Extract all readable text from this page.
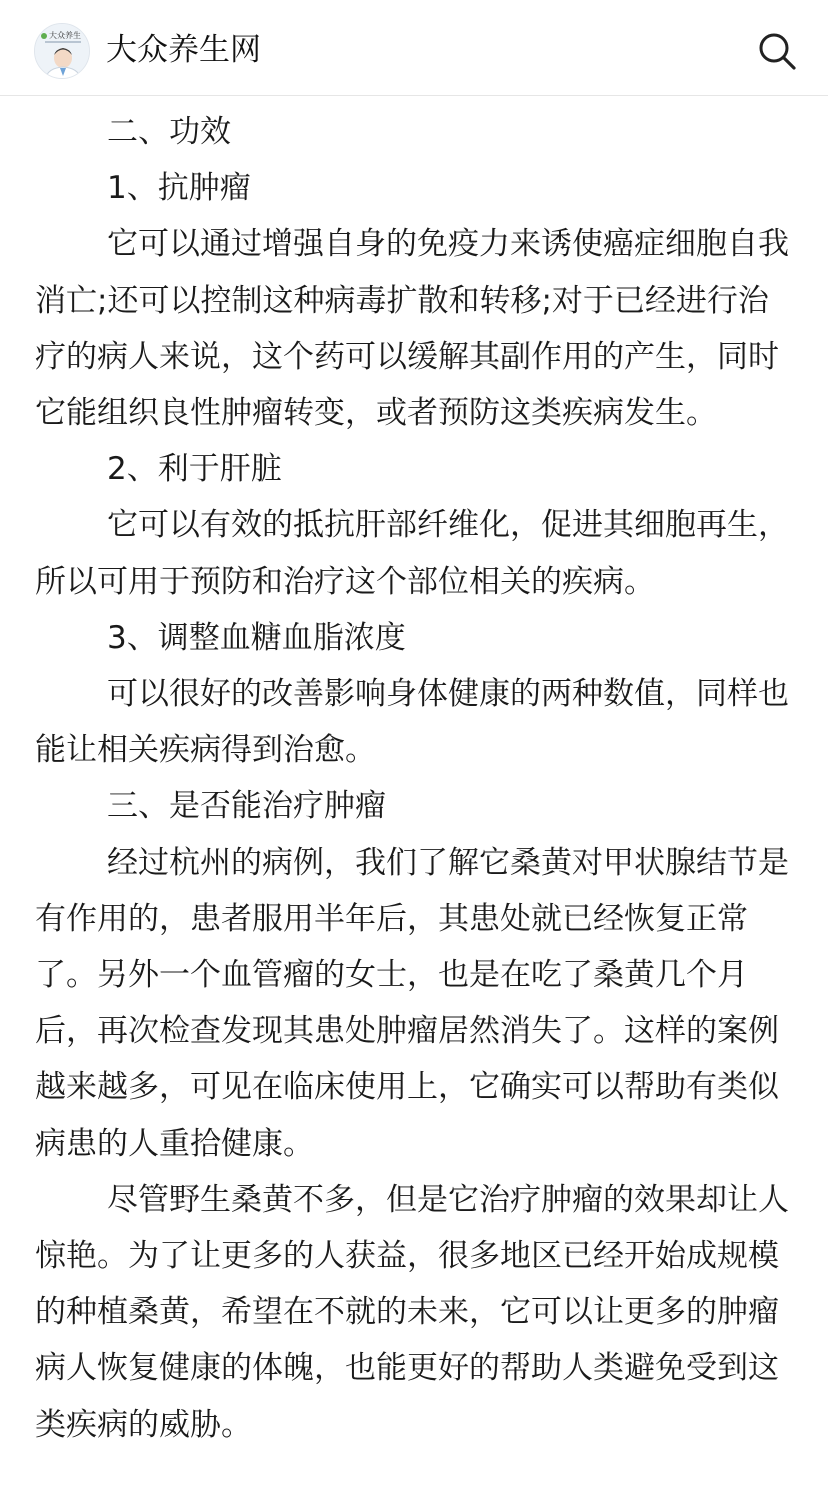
大众养生 大众养生网

二、功效

1、抗肿瘤

它可以通过增强自身的免疫力来诱使癌症细胞自我消亡;还可以控制这种病毒扩散和转移;对于已经进行治疗的病人来说，这个药可以缓解其副作用的产生，同时它能组织良性肿瘤转变，或者预防这类疾病发生。

2、利于肝脏

它可以有效的抵抗肝部纤维化，促进其细胞再生，所以可用于预防和治疗这个部位相关的疾病。

3、调整血糖血脂浓度

可以很好的改善影响身体健康的两种数值，同样也能让相关疾病得到治愈。

三、是否能治疗肿瘤

经过杭州的病例，我们了解它桑黄对甲状腺结节是有作用的，患者服用半年后，其患处就已经恢复正常了。另外一个血管瘤的女士，也是在吃了桑黄几个月后，再次检查发现其患处肿瘤居然消失了。这样的案例越来越多，可见在临床使用上，它确实可以帮助有类似病患的人重拾健康。

尽管野生桑黄不多，但是它治疗肿瘤的效果却让人惊艳。为了让更多的人获益，很多地区已经开始成规模的种植桑黄，希望在不就的未来，它可以让更多的肿瘤病人恢复健康的体魄，也能更好的帮助人类避免受到这类疾病的威胁。
